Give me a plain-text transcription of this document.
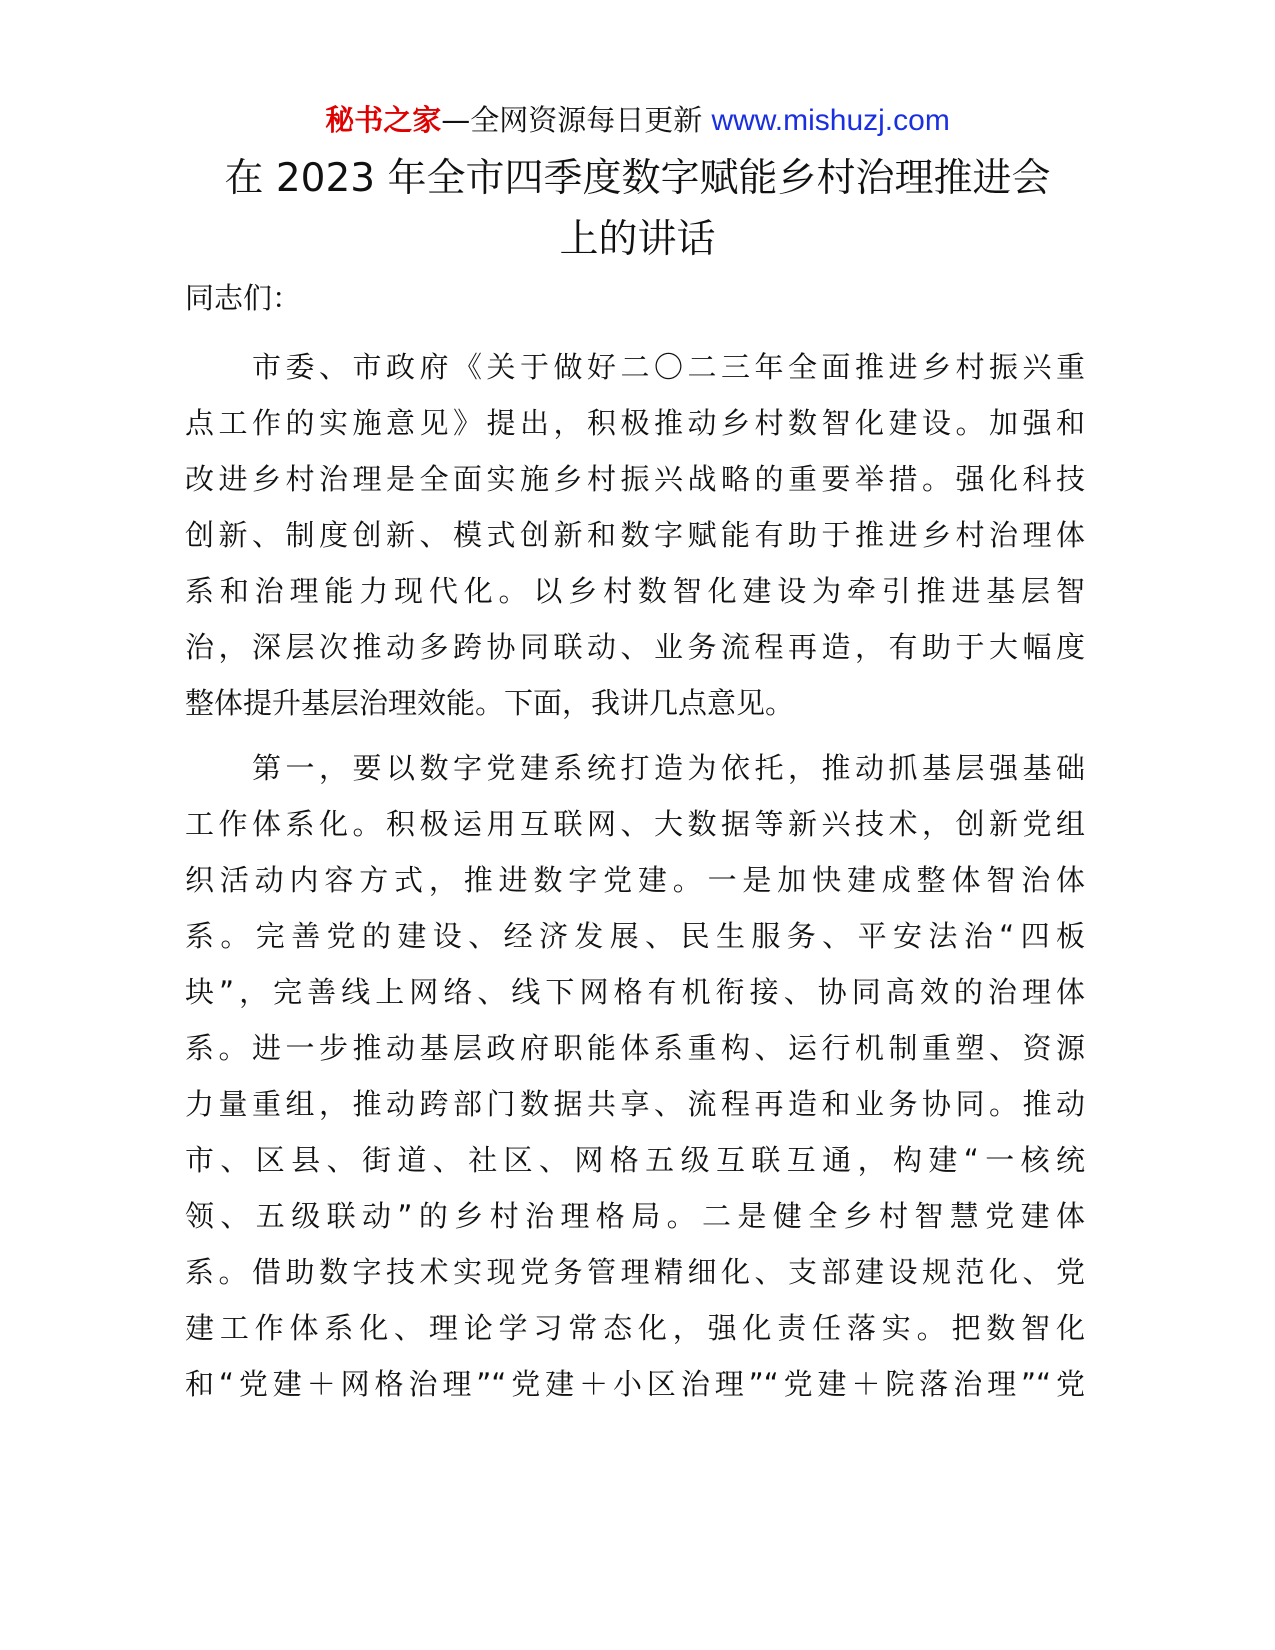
秘书之家—全网资源每日更新 www.mishuzj.com
在 2023 年全市四季度数字赋能乡村治理推进会
上的讲话

同志们：

　　市委、市政府《关于做好二〇二三年全面推进乡村振兴重
点工作的实施意见》提出，积极推动乡村数智化建设。加强和
改进乡村治理是全面实施乡村振兴战略的重要举措。强化科技
创新、制度创新、模式创新和数字赋能有助于推进乡村治理体
系和治理能力现代化。以乡村数智化建设为牵引推进基层智
治，深层次推动多跨协同联动、业务流程再造，有助于大幅度
整体提升基层治理效能。下面，我讲几点意见。
　　第一，要以数字党建系统打造为依托，推动抓基层强基础
工作体系化。积极运用互联网、大数据等新兴技术，创新党组
织活动内容方式，推进数字党建。一是加快建成整体智治体
系。完善党的建设、经济发展、民生服务、平安法治“四板
块”，完善线上网络、线下网格有机衔接、协同高效的治理体
系。进一步推动基层政府职能体系重构、运行机制重塑、资源
力量重组，推动跨部门数据共享、流程再造和业务协同。推动
市、区县、街道、社区、网格五级互联互通，构建“一核统
领、五级联动”的乡村治理格局。二是健全乡村智慧党建体
系。借助数字技术实现党务管理精细化、支部建设规范化、党
建工作体系化、理论学习常态化，强化责任落实。把数智化
和“党建＋网格治理”“党建＋小区治理”“党建＋院落治理”“党
